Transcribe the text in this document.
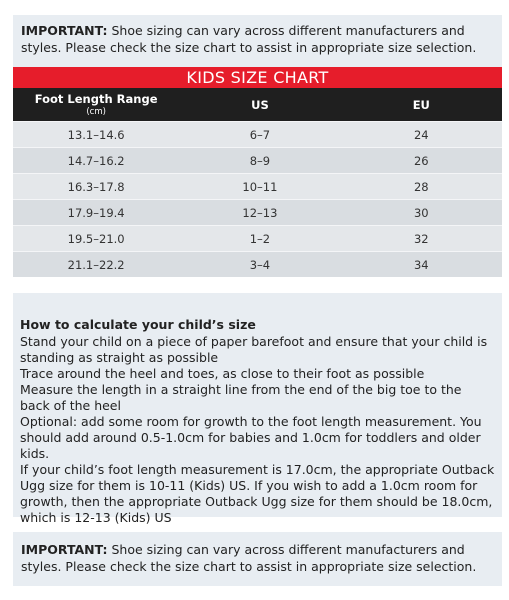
IMPORTANT: Shoe sizing can vary across different manufacturers and styles. Please check the size chart to assist in appropriate size selection.
KIDS SIZE CHART
Foot Length Range
(cm)	US	EU
13.1–14.6	6–7	24
14.7–16.2	8–9	26
16.3–17.8	10–11	28
17.9–19.4	12–13	30
19.5–21.0	1–2	32
21.1–22.2	3–4	34
How to calculate your child’s size

Stand your child on a piece of paper barefoot and ensure that your child is standing as straight as possible

Trace around the heel and toes, as close to their foot as possible

Measure the length in a straight line from the end of the big toe to the back of the heel

Optional: add some room for growth to the foot length measurement. You should add around 0.5-1.0cm for babies and 1.0cm for toddlers and older kids.

If your child’s foot length measurement is 17.0cm, the appropriate Outback Ugg size for them is 10-11 (Kids) US. If you wish to add a 1.0cm room for growth, then the appropriate Outback Ugg size for them should be 18.0cm, which is 12-13 (Kids) US

IMPORTANT: Shoe sizing can vary across different manufacturers and styles. Please check the size chart to assist in appropriate size selection.
